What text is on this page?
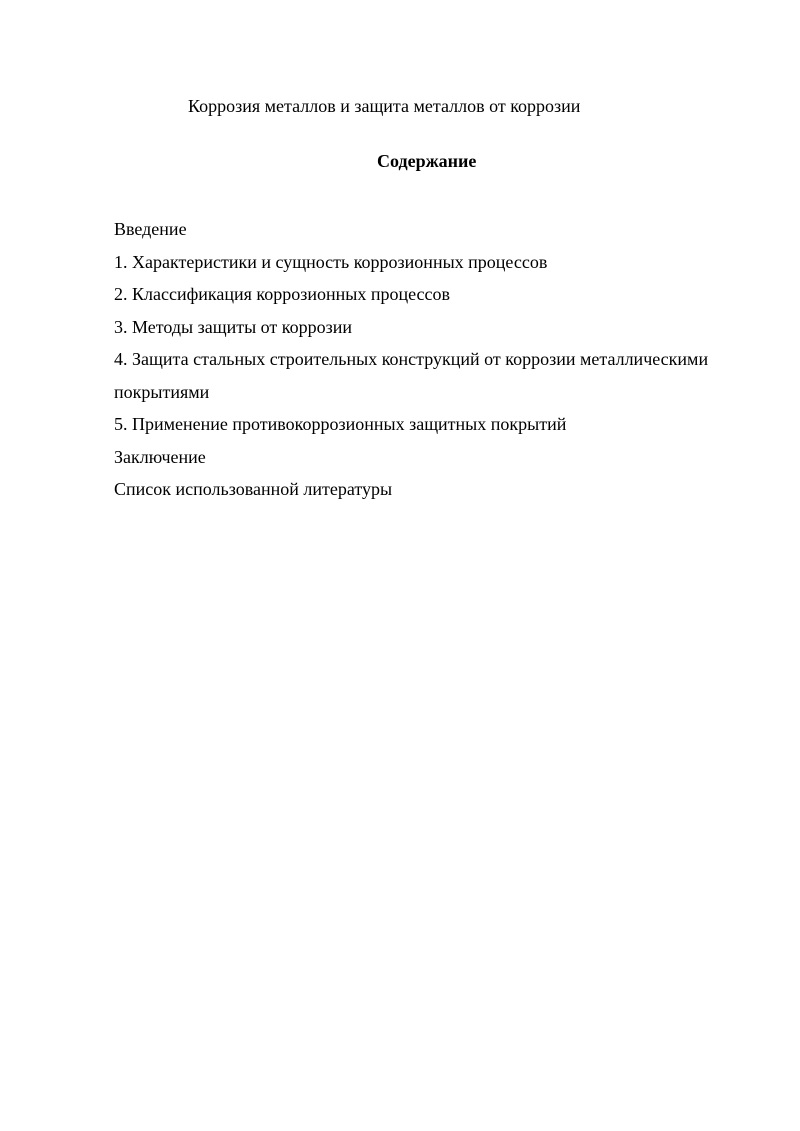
Коррозия металлов и защита металлов от коррозии
Содержание
Введение
1. Характеристики и сущность коррозионных процессов
2. Классификация коррозионных процессов
3. Методы защиты от коррозии
4. Защита стальных строительных конструкций от коррозии металлическими покрытиями
5. Применение противокоррозионных защитных покрытий
Заключение
Список использованной литературы
